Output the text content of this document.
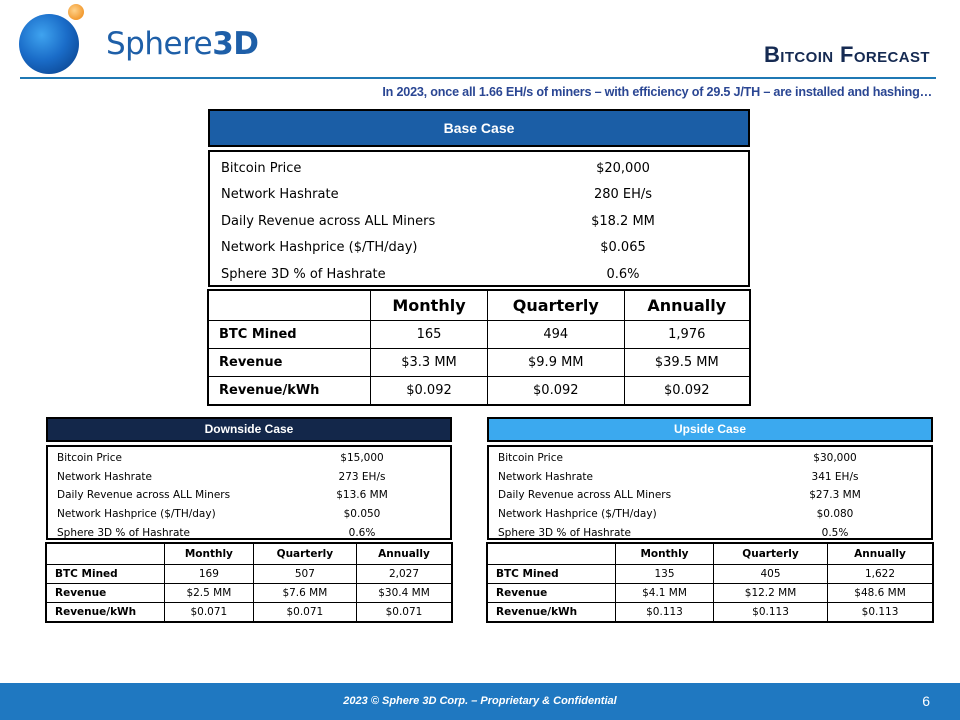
Sphere3D	Bitcoin Forecast
In 2023, once all 1.66 EH/s of miners – with efficiency of 29.5 J/TH – are installed and hashing…
Base Case
Bitcoin Price	$20,000
Network Hashrate	280 EH/s
Daily Revenue across ALL Miners	$18.2 MM
Network Hashprice ($/TH/day)	$0.065
Sphere 3D % of Hashrate	0.6%
	Monthly	Quarterly	Annually
BTC Mined	165	494	1,976
Revenue	$3.3 MM	$9.9 MM	$39.5 MM
Revenue/kWh	$0.092	$0.092	$0.092
Downside Case
Bitcoin Price	$15,000
Network Hashrate	273 EH/s
Daily Revenue across ALL Miners	$13.6 MM
Network Hashprice ($/TH/day)	$0.050
Sphere 3D % of Hashrate	0.6%
	Monthly	Quarterly	Annually
BTC Mined	169	507	2,027
Revenue	$2.5 MM	$7.6 MM	$30.4 MM
Revenue/kWh	$0.071	$0.071	$0.071
Upside Case
Bitcoin Price	$30,000
Network Hashrate	341 EH/s
Daily Revenue across ALL Miners	$27.3 MM
Network Hashprice ($/TH/day)	$0.080
Sphere 3D % of Hashrate	0.5%
	Monthly	Quarterly	Annually
BTC Mined	135	405	1,622
Revenue	$4.1 MM	$12.2 MM	$48.6 MM
Revenue/kWh	$0.113	$0.113	$0.113
2023 © Sphere 3D Corp. – Proprietary & Confidential	6
